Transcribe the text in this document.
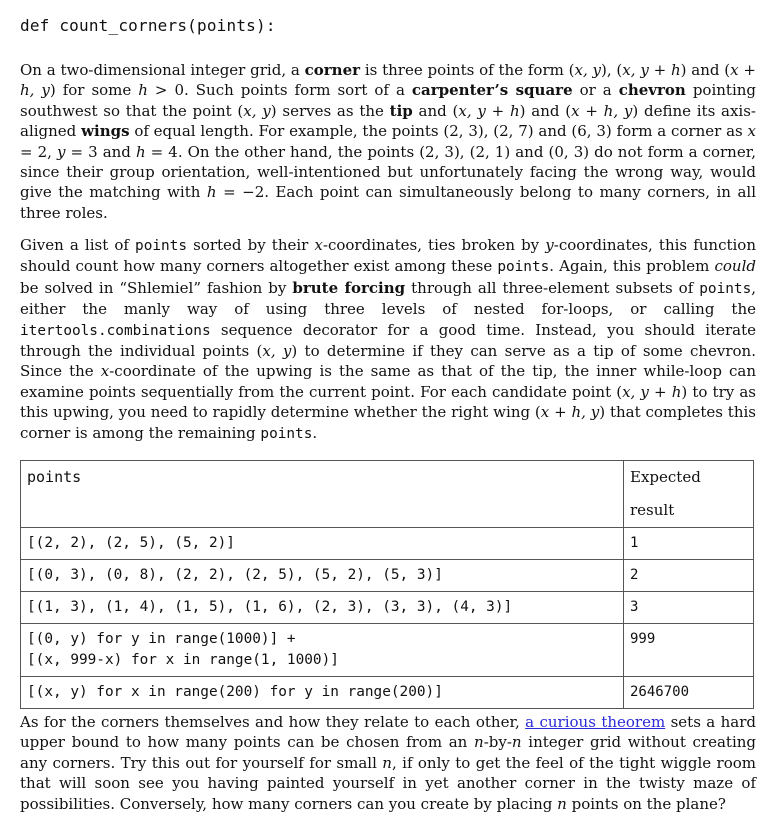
def count_corners(points):
On a two-dimensional integer grid, a corner is three points of the form (x, y), (x, y + h) and (x + h, y) for some h > 0. Such points form sort of a carpenter’s square or a chevron pointing southwest so that the point (x, y) serves as the tip and (x, y + h) and (x + h, y) define its axis-aligned wings of equal length. For example, the points (2, 3), (2, 7) and (6, 3) form a corner as x = 2, y = 3 and h = 4. On the other hand, the points (2, 3), (2, 1) and (0, 3) do not form a corner, since their group orientation, well-intentioned but unfortunately facing the wrong way, would give the matching with h = −2. Each point can simultaneously belong to many corners, in all three roles.
Given a list of points sorted by their x-coordinates, ties broken by y-coordinates, this function should count how many corners altogether exist among these points. Again, this problem could be solved in “Shlemiel” fashion by brute forcing through all three-element subsets of points, either the manly way of using three levels of nested for-loops, or calling the itertools.combinations sequence decorator for a good time. Instead, you should iterate through the individual points (x, y) to determine if they can serve as a tip of some chevron. Since the x-coordinate of the upwing is the same as that of the tip, the inner while-loop can examine points sequentially from the current point. For each candidate point (x, y + h) to try as this upwing, you need to rapidly determine whether the right wing (x + h, y) that completes this corner is among the remaining points.
points	Expected result

[(2, 2), (2, 5), (5, 2)]	1

[(0, 3), (0, 8), (2, 2), (2, 5), (5, 2), (5, 3)]	2

[(1, 3), (1, 4), (1, 5), (1, 6), (2, 3), (3, 3), (4, 3)]	3

[(0, y) for y in range(1000)] +
[(x, 999-x) for x in range(1, 1000)]	999

[(x, y) for x in range(200) for y in range(200)]	2646700
As for the corners themselves and how they relate to each other, a curious theorem sets a hard upper bound to how many points can be chosen from an n-by-n integer grid without creating any corners. Try this out for yourself for small n, if only to get the feel of the tight wiggle room that will soon see you having painted yourself in yet another corner in the twisty maze of possibilities. Conversely, how many corners can you create by placing n points on the plane?
